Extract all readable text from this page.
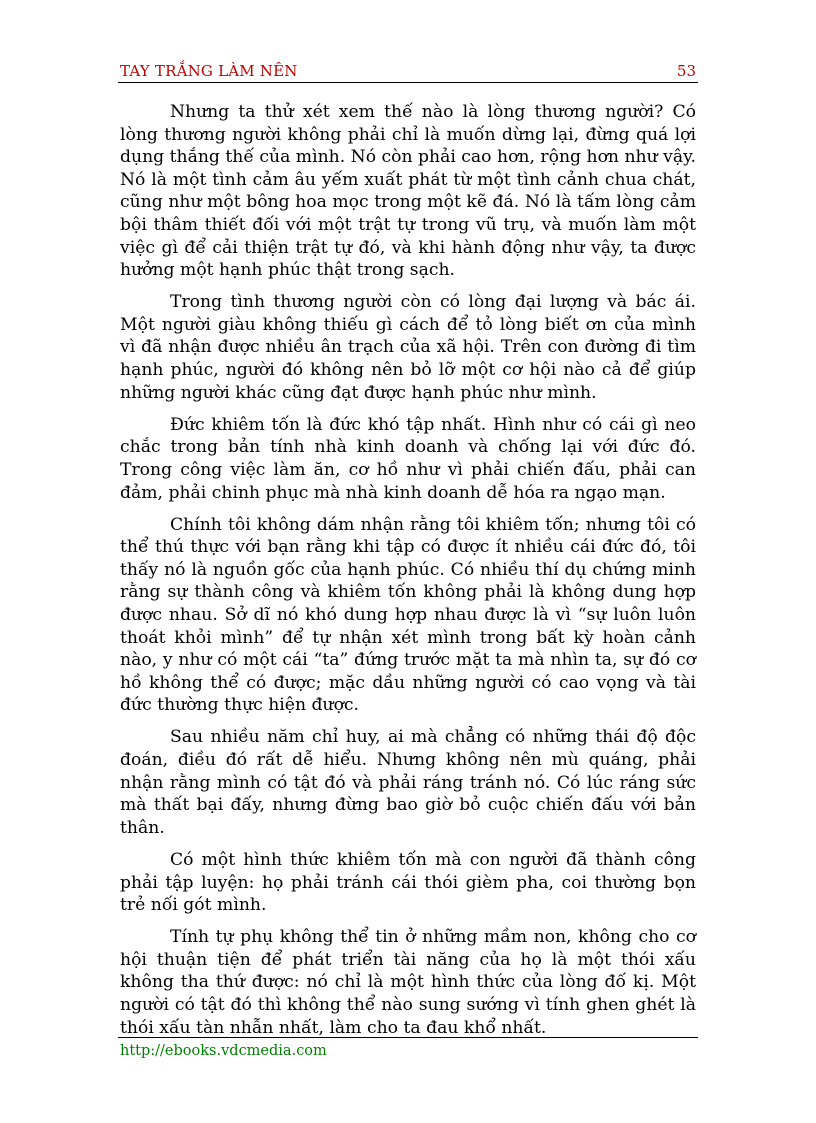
TAY TRẮNG LÀM NÊN	53

Nhưng ta thử xét xem thế nào là lòng thương người? Có lòng thương người không phải chỉ là muốn dừng lại, đừng quá lợi dụng thắng thế của mình. Nó còn phải cao hơn, rộng hơn như vậy. Nó là một tình cảm âu yếm xuất phát từ một tình cảnh chua chát, cũng như một bông hoa mọc trong một kẽ đá. Nó là tấm lòng cảm bội thâm thiết đối với một trật tự trong vũ trụ, và muốn làm một việc gì để cải thiện trật tự đó, và khi hành động như vậy, ta được hưởng một hạnh phúc thật trong sạch.

Trong tình thương người còn có lòng đại lượng và bác ái. Một người giàu không thiếu gì cách để tỏ lòng biết ơn của mình vì đã nhận được nhiều ân trạch của xã hội. Trên con đường đi tìm hạnh phúc, người đó không nên bỏ lỡ một cơ hội nào cả để giúp những người khác cũng đạt được hạnh phúc như mình.

Đức khiêm tốn là đức khó tập nhất. Hình như có cái gì neo chắc trong bản tính nhà kinh doanh và chống lại với đức đó. Trong công việc làm ăn, cơ hồ như vì phải chiến đấu, phải can đảm, phải chinh phục mà nhà kinh doanh dễ hóa ra ngạo mạn.

Chính tôi không dám nhận rằng tôi khiêm tốn; nhưng tôi có thể thú thực với bạn rằng khi tập có được ít nhiều cái đức đó, tôi thấy nó là nguồn gốc của hạnh phúc. Có nhiều thí dụ chứng minh rằng sự thành công và khiêm tốn không phải là không dung hợp được nhau. Sở dĩ nó khó dung hợp nhau được là vì “sự luôn luôn thoát khỏi mình” để tự nhận xét mình trong bất kỳ hoàn cảnh nào, y như có một cái “ta” đứng trước mặt ta mà nhìn ta, sự đó cơ hồ không thể có được; mặc dầu những người có cao vọng và tài đức thường thực hiện được.

Sau nhiều năm chỉ huy, ai mà chẳng có những thái độ độc đoán, điều đó rất dễ hiểu. Nhưng không nên mù quáng, phải nhận rằng mình có tật đó và phải ráng tránh nó. Có lúc ráng sức mà thất bại đấy, nhưng đừng bao giờ bỏ cuộc chiến đấu với bản thân.

Có một hình thức khiêm tốn mà con người đã thành công phải tập luyện: họ phải tránh cái thói gièm pha, coi thường bọn trẻ nối gót mình.

Tính tự phụ không thể tin ở những mầm non, không cho cơ hội thuận tiện để phát triển tài năng của họ là một thói xấu không tha thứ được: nó chỉ là một hình thức của lòng đố kị. Một người có tật đó thì không thể nào sung sướng vì tính ghen ghét là thói xấu tàn nhẫn nhất, làm cho ta đau khổ nhất.

http://ebooks.vdcmedia.com
